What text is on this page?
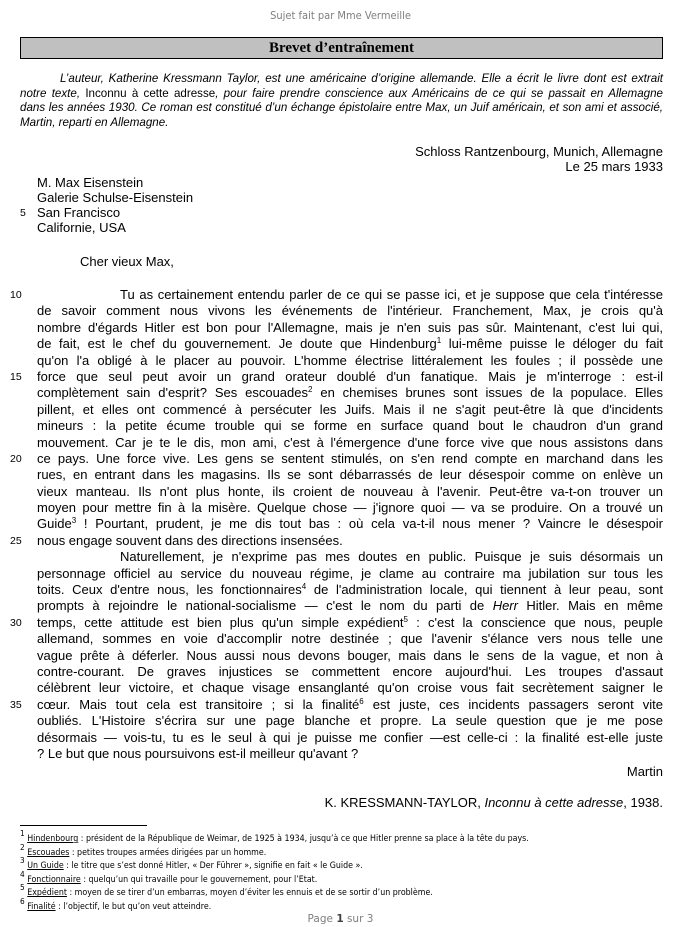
Sujet fait par Mme Vermeille
Brevet d’entraînement
L’auteur, Katherine Kressmann Taylor, est une américaine d’origine allemande. Elle a écrit le livre dont est extrait
notre texte, Inconnu à cette adresse, pour faire prendre conscience aux Américains de ce qui se passait en Allemagne
dans les années 1930. Ce roman est constitué d’un échange épistolaire entre Max, un Juif américain, et son ami et associé,
Martin, reparti en Allemagne.
Schloss Rantzenbourg, Munich, Allemagne
Le 25 mars 1933
M. Max Eisenstein
Galerie Schulse-Eisenstein
San Francisco
Californie, USA
5
Cher vieux Max,
10	Tu as certainement entendu parler de ce qui se passe ici, et je suppose que cela t'intéresse
de savoir comment nous vivons les événements de l'intérieur. Franchement, Max, je crois qu'à
nombre d'égards Hitler est bon pour l'Allemagne, mais je n'en suis pas sûr. Maintenant, c'est lui qui,
de fait, est le chef du gouvernement. Je doute que Hindenburg$^1$ lui-même puisse le déloger du fait
qu'on l'a obligé à le placer au pouvoir. L'homme électrise littéralement les foules ; il possède une
15	force que seul peut avoir un grand orateur doublé d'un fanatique. Mais je m'interroge : est-il
complètement sain d'esprit? Ses escouades$^2$ en chemises brunes sont issues de la populace. Elles
pillent, et elles ont commencé à persécuter les Juifs. Mais il ne s'agit peut-être là que d'incidents
mineurs : la petite écume trouble qui se forme en surface quand bout le chaudron d'un grand
mouvement. Car je te le dis, mon ami, c'est à l'émergence d'une force vive que nous assistons dans
20	ce pays. Une force vive. Les gens se sentent stimulés, on s'en rend compte en marchand dans les
rues, en entrant dans les magasins. Ils se sont débarrassés de leur désespoir comme on enlève un
vieux manteau. Ils n'ont plus honte, ils croient de nouveau à l'avenir. Peut-être va-t-on trouver un
moyen pour mettre fin à la misère. Quelque chose — j'ignore quoi — va se produire. On a trouvé un
Guide$^3$ ! Pourtant, prudent, je me dis tout bas : où cela va-t-il nous mener ? Vaincre le désespoir
25	nous engage souvent dans des directions insensées.
Naturellement, je n'exprime pas mes doutes en public. Puisque je suis désormais un
personnage officiel au service du nouveau régime, je clame au contraire ma jubilation sur tous les
toits. Ceux d'entre nous, les fonctionnaires$^4$ de l'administration locale, qui tiennent à leur peau, sont
prompts à rejoindre le national-socialisme — c'est le nom du parti de Herr Hitler. Mais en même
30	temps, cette attitude est bien plus qu'un simple expédient$^5$ : c'est la conscience que nous, peuple
allemand, sommes en voie d'accomplir notre destinée ; que l'avenir s'élance vers nous telle une
vague prête à déferler. Nous aussi nous devons bouger, mais dans le sens de la vague, et non à
contre-courant. De graves injustices se commettent encore aujourd'hui. Les troupes d'assaut
célèbrent leur victoire, et chaque visage ensanglanté qu'on croise vous fait secrètement saigner le
35	cœur. Mais tout cela est transitoire ; si la finalité$^6$ est juste, ces incidents passagers seront vite
oubliés. L'Histoire s'écrira sur une page blanche et propre. La seule question que je me pose
désormais — vois-tu, tu es le seul à qui je puisse me confier —est celle-ci : la finalité est-elle juste
? Le but que nous poursuivons est-il meilleur qu'avant ?
Martin
K. KRESSMANN-TAYLOR, Inconnu à cette adresse, 1938.
$^1$ Hindenbourg : président de la République de Weimar, de 1925 à 1934, jusqu’à ce que Hitler prenne sa place à la tête du pays.
$^2$ Escouades : petites troupes armées dirigées par un homme.
$^3$ Un Guide : le titre que s’est donné Hitler, « Der Führer », signifie en fait « le Guide ».
$^4$ Fonctionnaire : quelqu’un qui travaille pour le gouvernement, pour l’Etat.
$^5$ Expédient : moyen de se tirer d’un embarras, moyen d’éviter les ennuis et de se sortir d’un problème.
$^6$ Finalité : l’objectif, le but qu’on veut atteindre.
Page 1 sur 3
